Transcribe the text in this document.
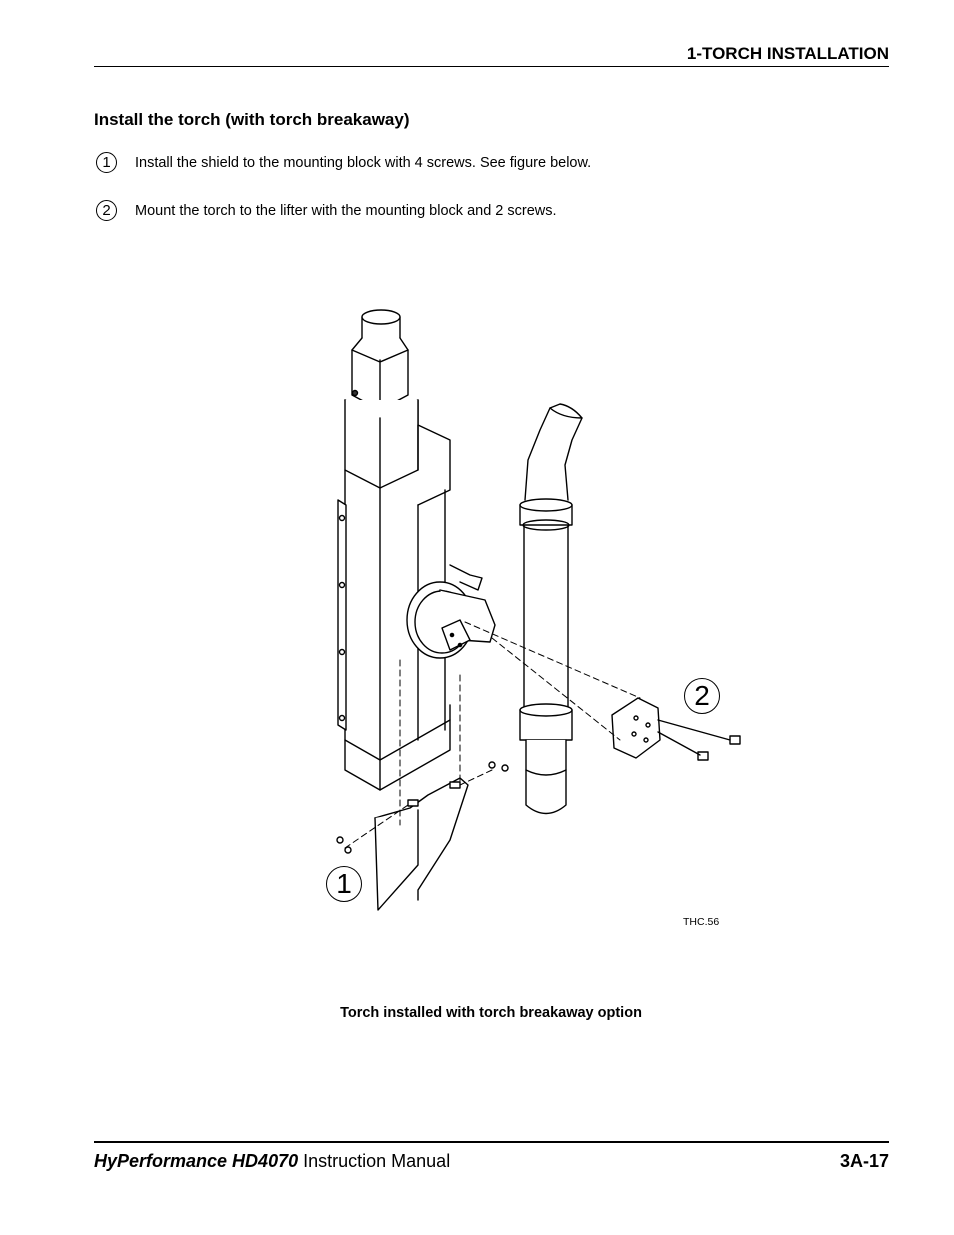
1-TORCH INSTALLATION
Install the torch (with torch breakaway)
1	Install the shield to the mounting block with 4 screws. See figure below.
2	Mount the torch to the lifter with the mounting block and 2 screws.
1
2
THC.56
Torch installed with torch breakaway option
HyPerformance HD4070 Instruction Manual	3A-17
